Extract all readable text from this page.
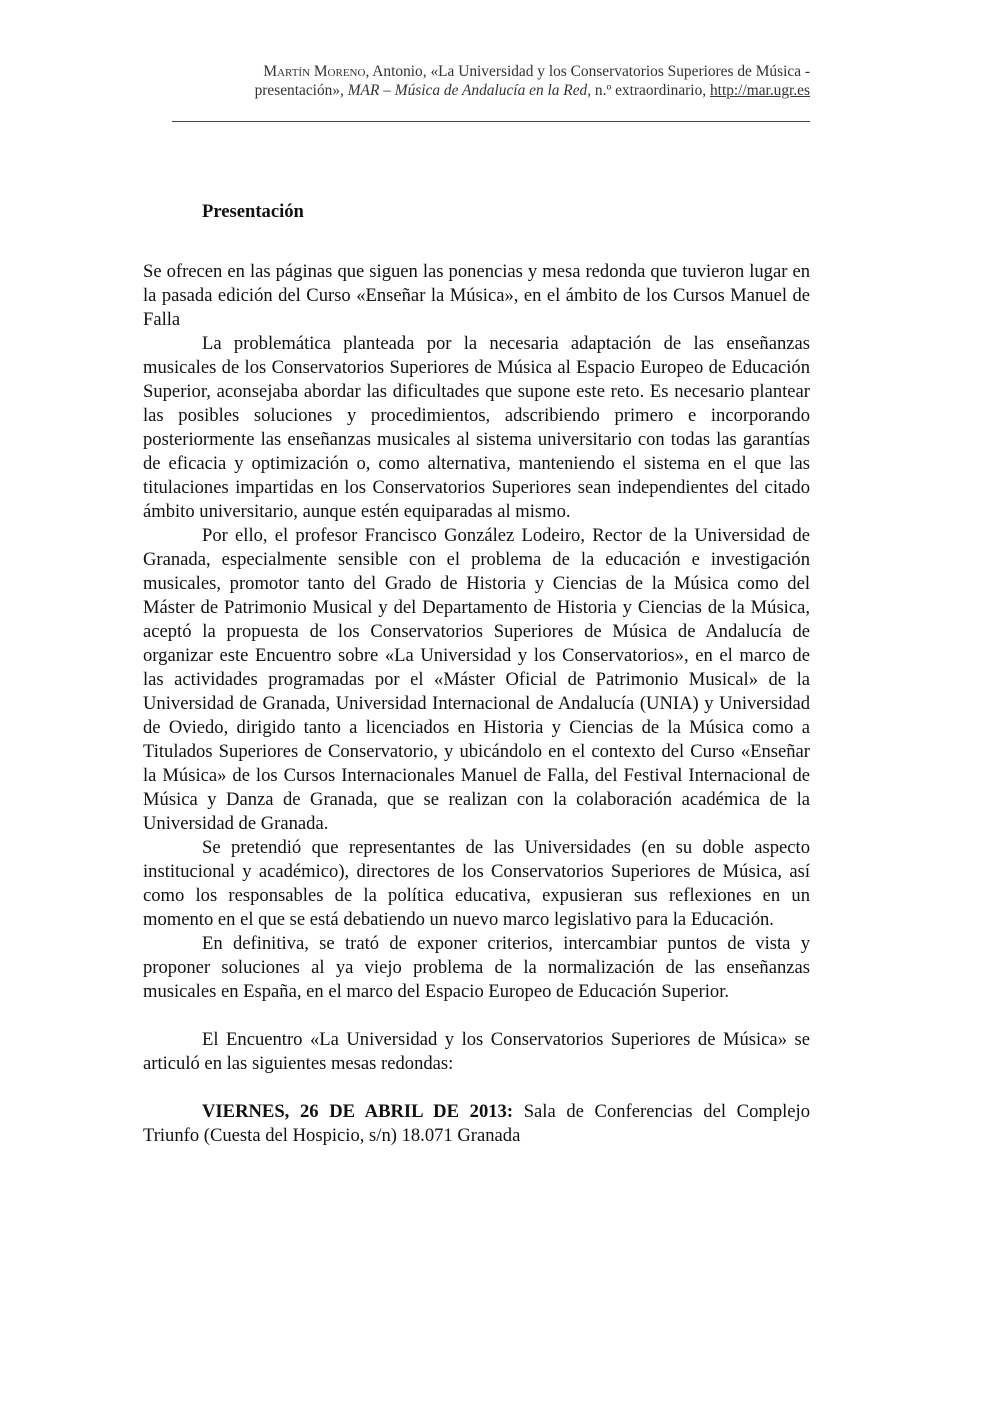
Martín Moreno, Antonio, «La Universidad y los Conservatorios Superiores de Música - presentación», MAR – Música de Andalucía en la Red, n.º extraordinario, http://mar.ugr.es
Presentación

Se ofrecen en las páginas que siguen las ponencias y mesa redonda que tuvieron lugar en la pasada edición del Curso «Enseñar la Música», en el ámbito de los Cursos Manuel de Falla

La problemática planteada por la necesaria adaptación de las enseñanzas musicales de los Conservatorios Superiores de Música al Espacio Europeo de Educación Superior, aconsejaba abordar las dificultades que supone este reto. Es necesario plantear las posibles soluciones y procedimientos, adscribiendo primero e incorporando posteriormente las enseñanzas musicales al sistema universitario con todas las garantías de eficacia y optimización o, como alternativa, manteniendo el sistema en el que las titulaciones impartidas en los Conservatorios Superiores sean independientes del citado ámbito universitario, aunque estén equiparadas al mismo.

Por ello, el profesor Francisco González Lodeiro, Rector de la Universidad de Granada, especialmente sensible con el problema de la educación e investigación musicales, promotor tanto del Grado de Historia y Ciencias de la Música como del Máster de Patrimonio Musical y del Departamento de Historia y Ciencias de la Música, aceptó la propuesta de los Conservatorios Superiores de Música de Andalucía de organizar este Encuentro sobre «La Universidad y los Conservatorios», en el marco de las actividades programadas por el «Máster Oficial de Patrimonio Musical» de la Universidad de Granada, Universidad Internacional de Andalucía (UNIA) y Universidad de Oviedo, dirigido tanto a licenciados en Historia y Ciencias de la Música como a Titulados Superiores de Conservatorio, y ubicándolo en el contexto del Curso «Enseñar la Música» de los Cursos Internacionales Manuel de Falla, del Festival Internacional de Música y Danza de Granada, que se realizan con la colaboración académica de la Universidad de Granada.

Se pretendió que representantes de las Universidades (en su doble aspecto institucional y académico), directores de los Conservatorios Superiores de Música, así como los responsables de la política educativa, expusieran sus reflexiones en un momento en el que se está debatiendo un nuevo marco legislativo para la Educación.

En definitiva, se trató de exponer criterios, intercambiar puntos de vista y proponer soluciones al ya viejo problema de la normalización de las enseñanzas musicales en España, en el marco del Espacio Europeo de Educación Superior.

El Encuentro «La Universidad y los Conservatorios Superiores de Música» se articuló en las siguientes mesas redondas:

VIERNES, 26 DE ABRIL DE 2013: Sala de Conferencias del Complejo Triunfo (Cuesta del Hospicio, s/n) 18.071 Granada
